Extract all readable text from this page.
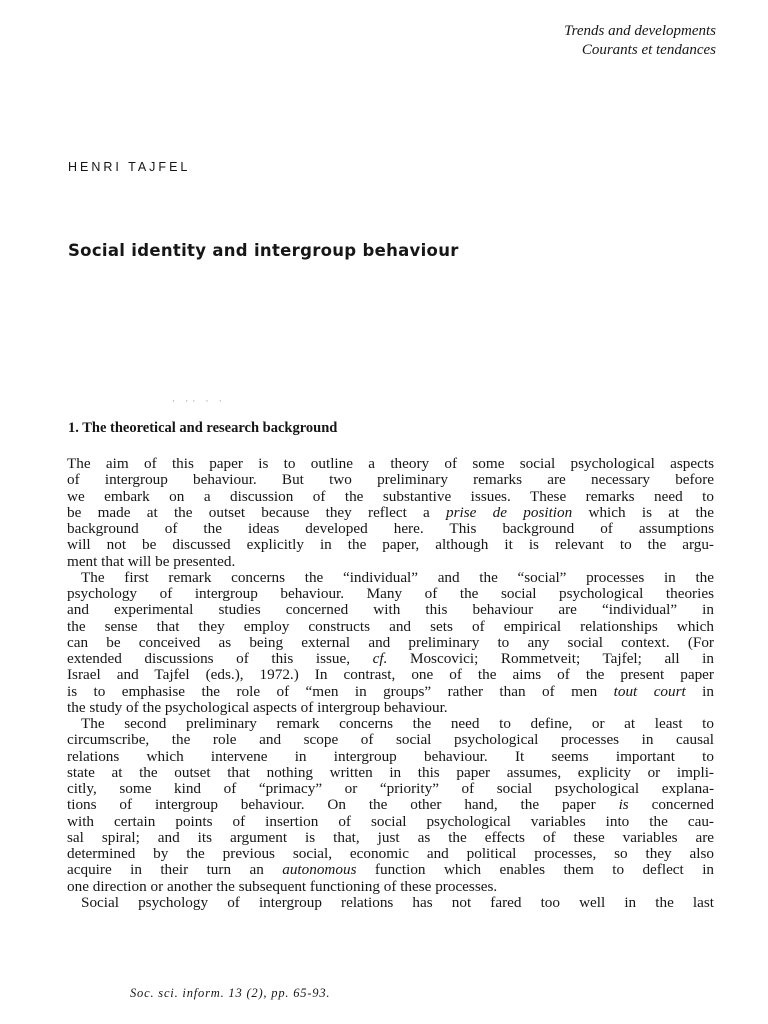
Trends and developments
Courants et tendances

HENRI TAJFEL

Social identity and intergroup behaviour
· ·· · ·
1. The theoretical and research background
The aim of this paper is to outline a theory of some social psychological aspects
of intergroup behaviour. But two preliminary remarks are necessary before
we embark on a discussion of the substantive issues. These remarks need to
be made at the outset because they reflect a prise de position which is at the
background of the ideas developed here. This background of assumptions
will not be discussed explicitly in the paper, although it is relevant to the argu-
ment that will be presented.
The first remark concerns the “individual” and the “social” processes in the
psychology of intergroup behaviour. Many of the social psychological theories
and experimental studies concerned with this behaviour are “individual” in
the sense that they employ constructs and sets of empirical relationships which
can be conceived as being external and preliminary to any social context. (For
extended discussions of this issue, cf. Moscovici; Rommetveit; Tajfel; all in
Israel and Tajfel (eds.), 1972.) In contrast, one of the aims of the present paper
is to emphasise the role of “men in groups” rather than of men tout court in
the study of the psychological aspects of intergroup behaviour.
The second preliminary remark concerns the need to define, or at least to
circumscribe, the role and scope of social psychological processes in causal
relations which intervene in intergroup behaviour. It seems important to
state at the outset that nothing written in this paper assumes, explicity or impli-
citly, some kind of “primacy” or “priority” of social psychological explana-
tions of intergroup behaviour. On the other hand, the paper is concerned
with certain points of insertion of social psychological variables into the cau-
sal spiral; and its argument is that, just as the effects of these variables are
determined by the previous social, economic and political processes, so they also
acquire in their turn an autonomous function which enables them to deflect in
one direction or another the subsequent functioning of these processes.
Social psychology of intergroup relations has not fared too well in the last
Soc. sci. inform. 13 (2), pp. 65-93.
